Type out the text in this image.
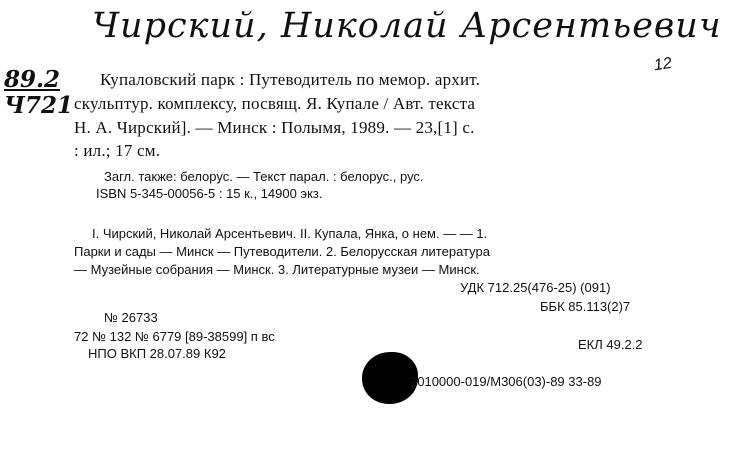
Чирский, Николай Арсентьевич
12
89.2
Ч721
Купаловский парк : Путеводитель по мемор. архит.
скульптур. комплексу, посвящ. Я. Купале / Авт. текста
Н. А. Чирский]. — Минск : Полымя, 1989. — 23,[1] с.
: ил.; 17 см.
Загл. также: белорус. — Текст парал. : белорус., рус.
ISBN 5-345-00056-5 : 15 к., 14900 экз.
I. Чирский, Николай Арсентьевич. II. Купала, Янка, о нем. — — 1.
Парки и сады — Минск — Путеводители. 2. Белорусская литература
— Музейные собрания — Минск. 3. Литературные музеи — Минск.
УДК 712.25(476-25) (091)
ББК 85.113(2)7
№ 26733
72 № 132 № 6779 [89-38599] п вс
НПО ВКП 28.07.89 К92
ЕКЛ 49.2.2
2010000-019/М306(03)-89 33-89
